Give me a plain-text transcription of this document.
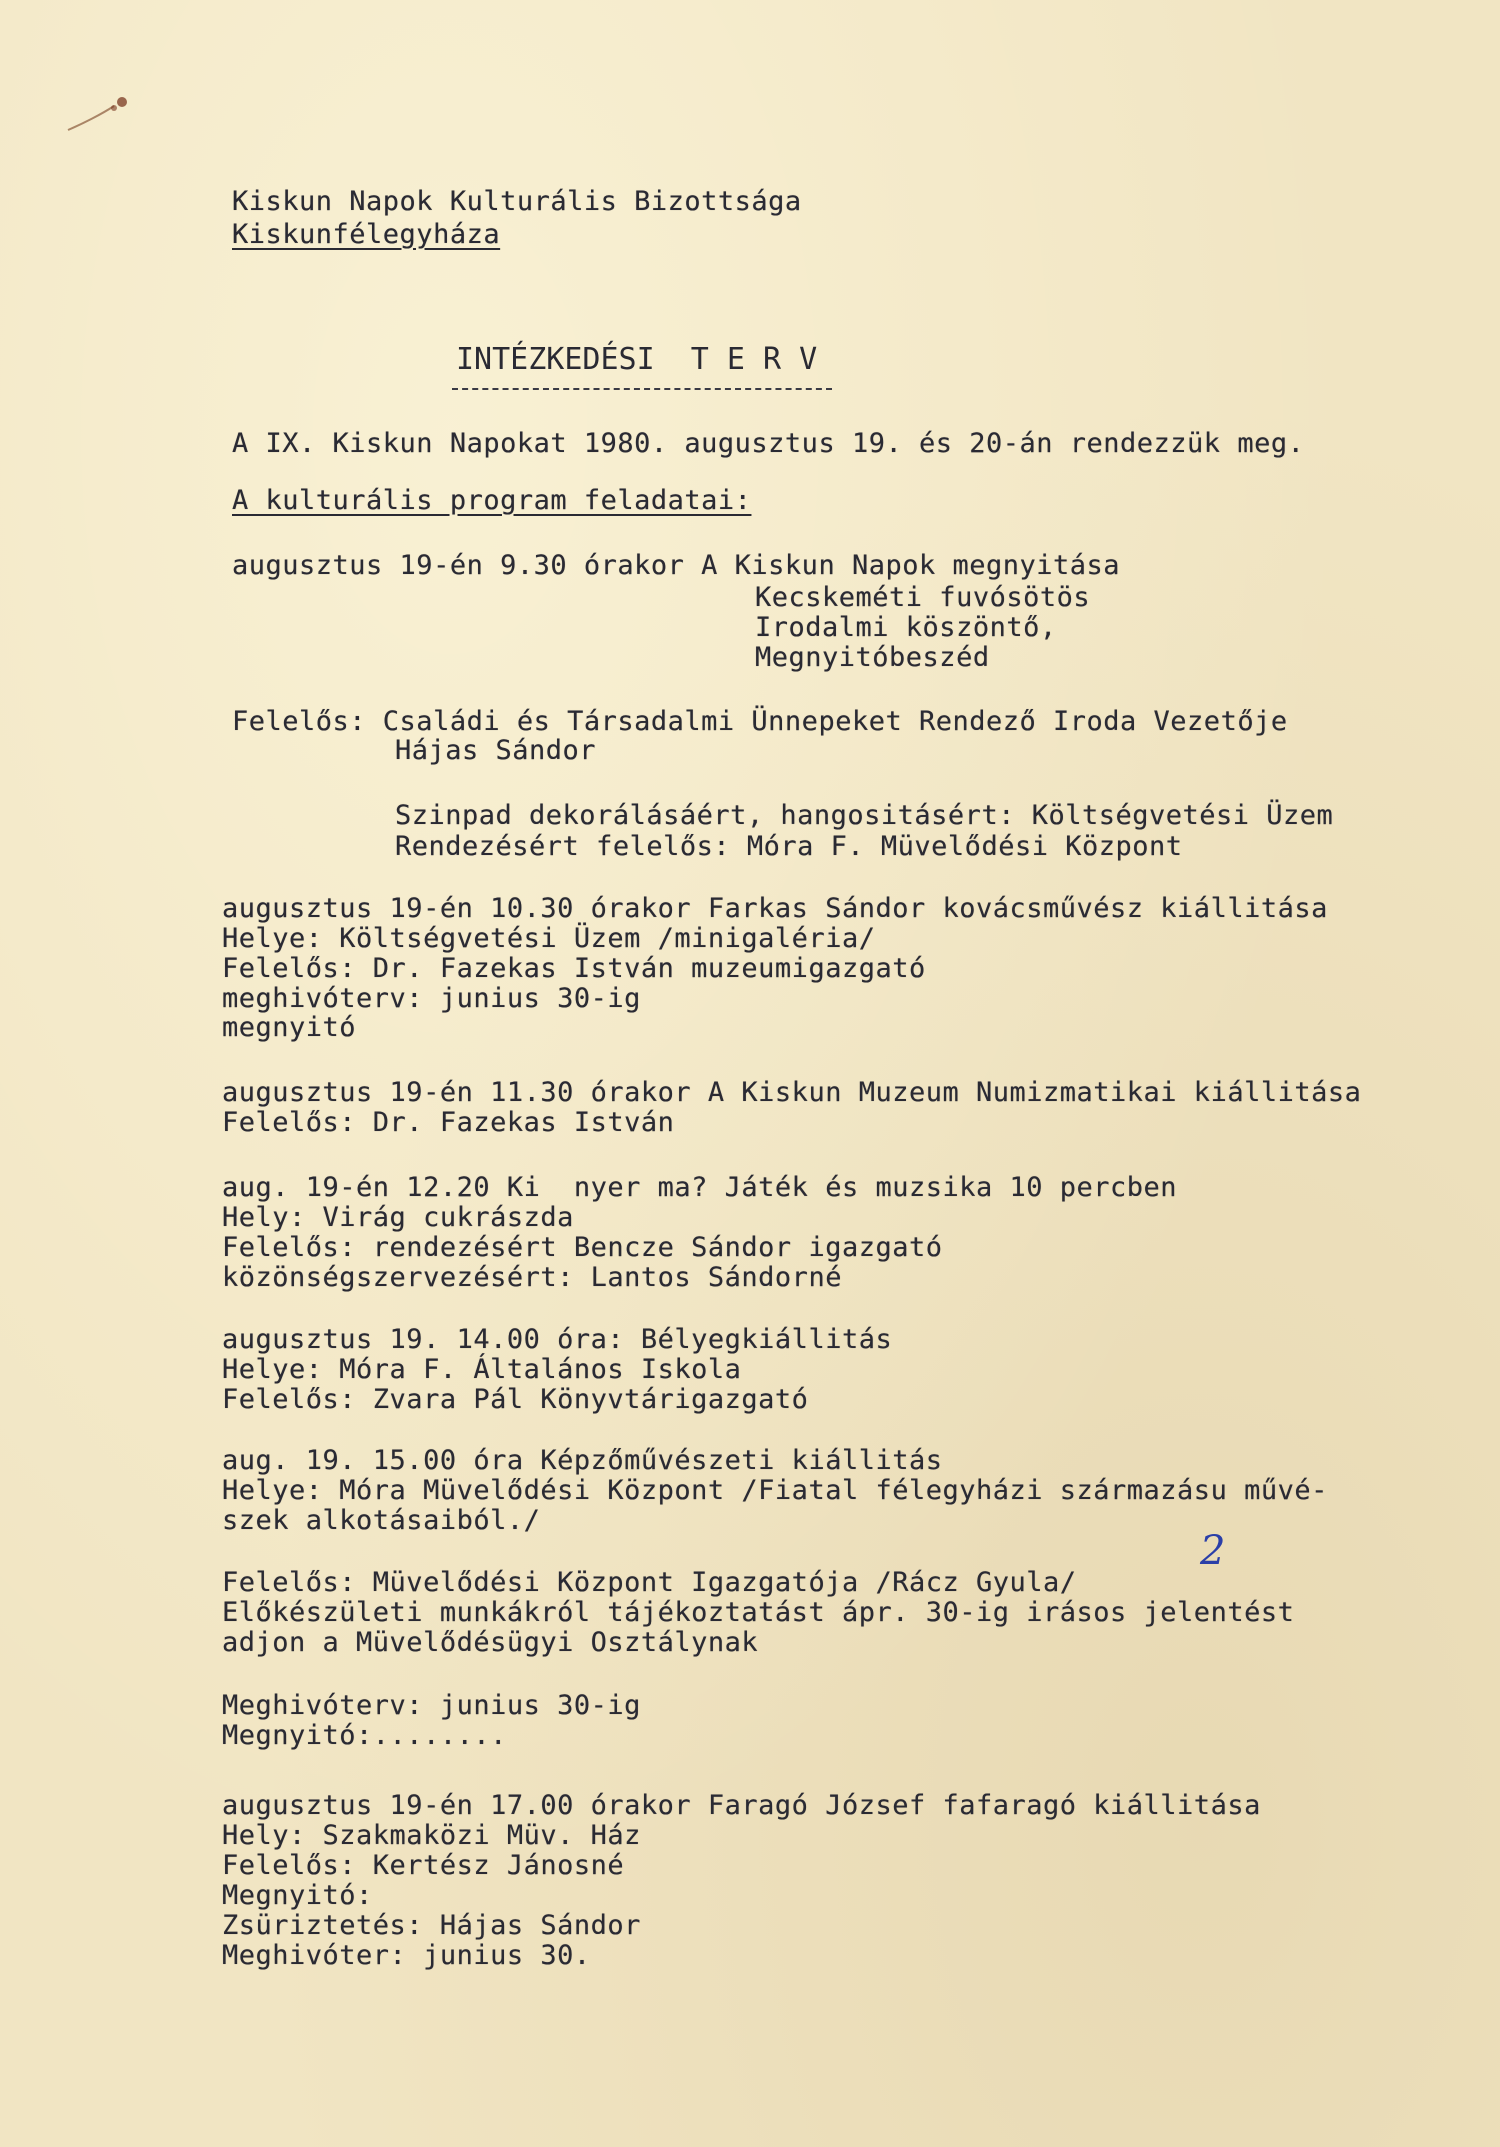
Kiskun Napok Kulturális Bizottsága
Kiskunfélegyháza
INTÉZKEDÉSI  T E R V
A IX. Kiskun Napokat 1980. augusztus 19. és 20-án rendezzük meg.
A kulturális program feladatai:
augusztus 19-én 9.30 órakor A Kiskun Napok megnyitása
Kecskeméti fuvósötös
Irodalmi köszöntő,
Megnyitóbeszéd
Felelős: Családi és Társadalmi Ünnepeket Rendező Iroda Vezetője
Hájas Sándor
Szinpad dekorálásáért, hangositásért: Költségvetési Üzem
Rendezésért felelős: Móra F. Müvelődési Központ
augusztus 19-én 10.30 órakor Farkas Sándor kovácsművész kiállitása
Helye: Költségvetési Üzem /minigaléria/
Felelős: Dr. Fazekas István muzeumigazgató
meghivóterv: junius 30-ig
megnyitó
augusztus 19-én 11.30 órakor A Kiskun Muzeum Numizmatikai kiállitása
Felelős: Dr. Fazekas István
aug. 19-én 12.20 Ki  nyer ma? Játék és muzsika 10 percben
Hely: Virág cukrászda
Felelős: rendezésért Bencze Sándor igazgató
közönségszervezésért: Lantos Sándorné
augusztus 19. 14.00 óra: Bélyegkiállitás
Helye: Móra F. Általános Iskola
Felelős: Zvara Pál Könyvtárigazgató
aug. 19. 15.00 óra Képzőművészeti kiállitás
Helye: Móra Müvelődési Központ /Fiatal félegyházi származásu művé-
szek alkotásaiból./
Felelős: Müvelődési Központ Igazgatója /Rácz Gyula/
Előkészületi munkákról tájékoztatást ápr. 30-ig irásos jelentést
adjon a Müvelődésügyi Osztálynak
Meghivóterv: junius 30-ig
Megnyitó:........
2
augusztus 19-én 17.00 órakor Faragó József fafaragó kiállitása
Hely: Szakmaközi Müv. Ház
Felelős: Kertész Jánosné
Megnyitó:
Zsüriztetés: Hájas Sándor
Meghivóter: junius 30.
